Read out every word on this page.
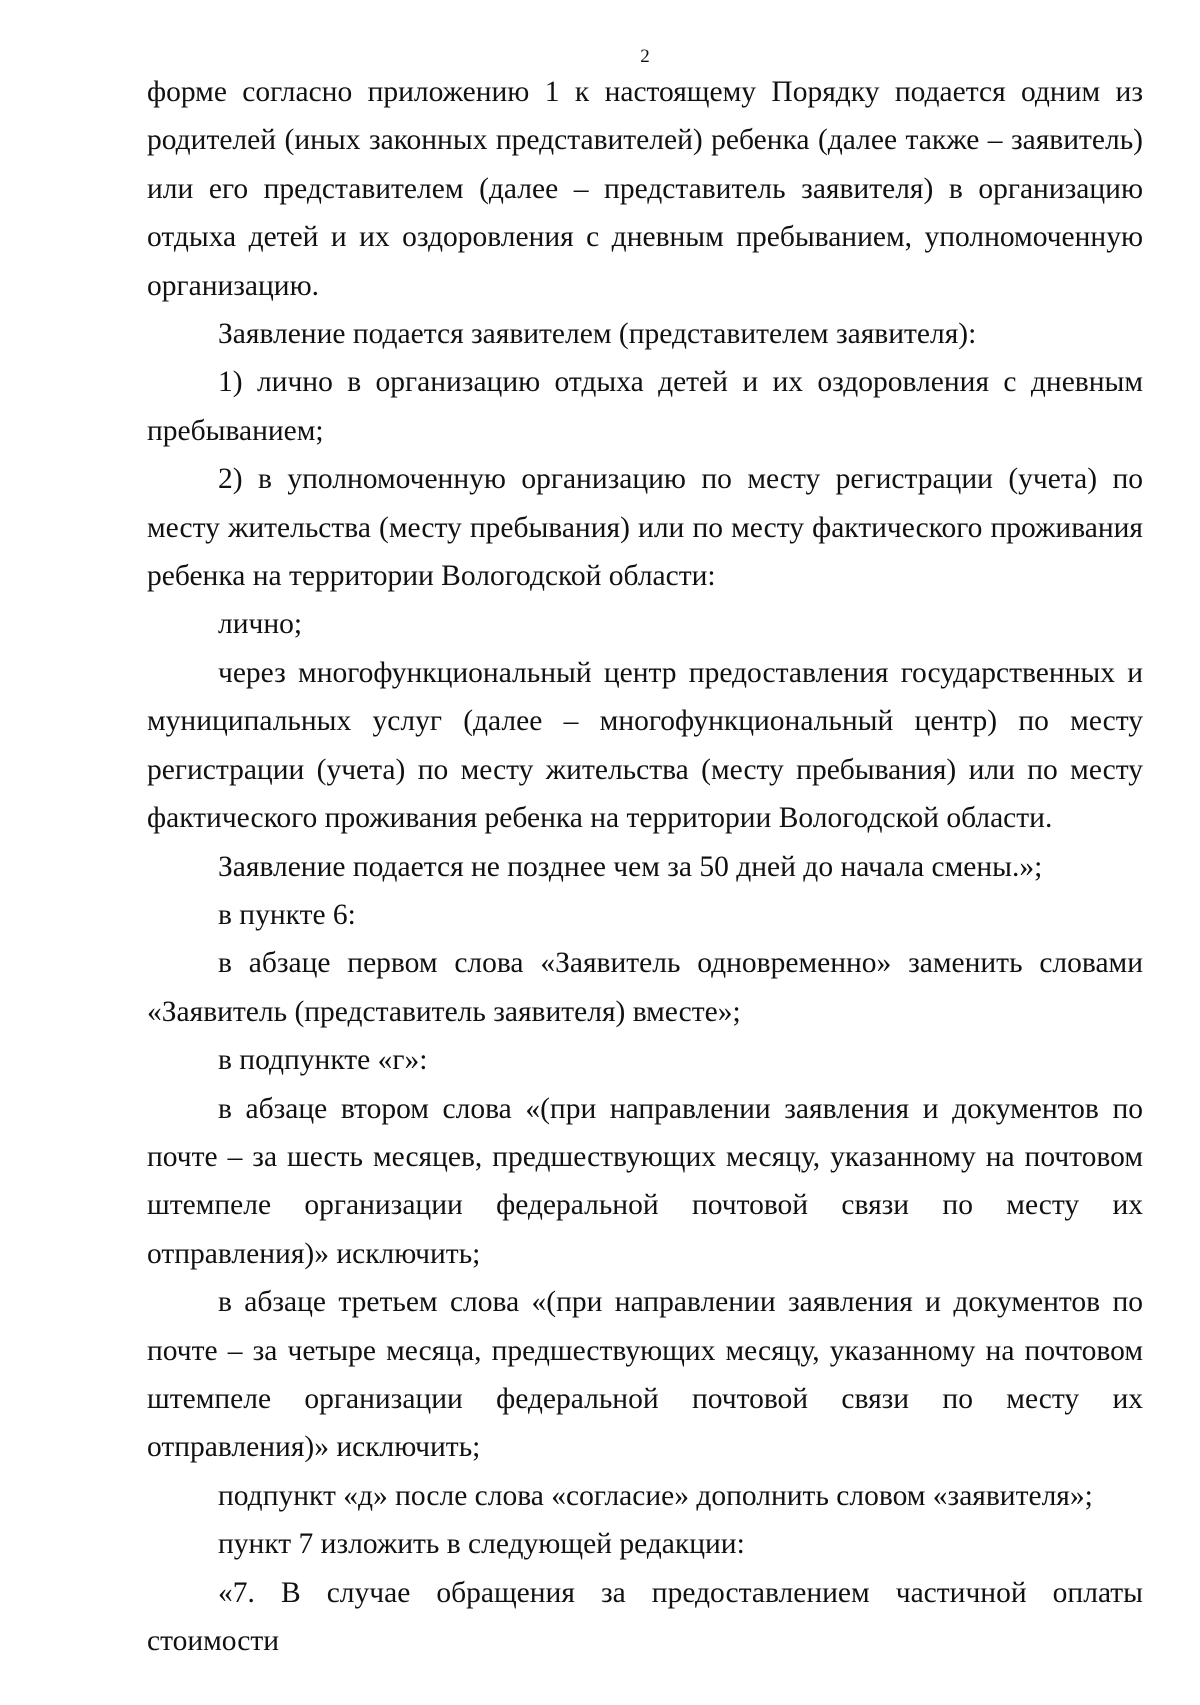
2

форме согласно приложению 1 к настоящему Порядку подается одним из родителей (иных законных представителей) ребенка (далее также – заявитель) или его представителем (далее – представитель заявителя) в организацию отдыха детей и их оздоровления с дневным пребыванием, уполномоченную организацию.

Заявление подается заявителем (представителем заявителя):

1) лично в организацию отдыха детей и их оздоровления с дневным пребыванием;

2) в уполномоченную организацию по месту регистрации (учета) по месту жительства (месту пребывания) или по месту фактического проживания ребенка на территории Вологодской области:

лично;

через многофункциональный центр предоставления государственных и муниципальных услуг (далее – многофункциональный центр) по месту регистрации (учета) по месту жительства (месту пребывания) или по месту фактического проживания ребенка на территории Вологодской области.

Заявление подается не позднее чем за 50 дней до начала смены.»;

в пункте 6:

в абзаце первом слова «Заявитель одновременно» заменить словами «Заявитель (представитель заявителя) вместе»;

в подпункте «г»:

в абзаце втором слова «(при направлении заявления и документов по почте – за шесть месяцев, предшествующих месяцу, указанному на почтовом штемпеле организации федеральной почтовой связи по месту их отправления)» исключить;

в абзаце третьем слова «(при направлении заявления и документов по почте – за четыре месяца, предшествующих месяцу, указанному на почтовом штемпеле организации федеральной почтовой связи по месту их отправления)» исключить;

подпункт «д» после слова «согласие» дополнить словом «заявителя»;

пункт 7 изложить в следующей редакции:

«7. В случае обращения за предоставлением частичной оплаты стоимости
